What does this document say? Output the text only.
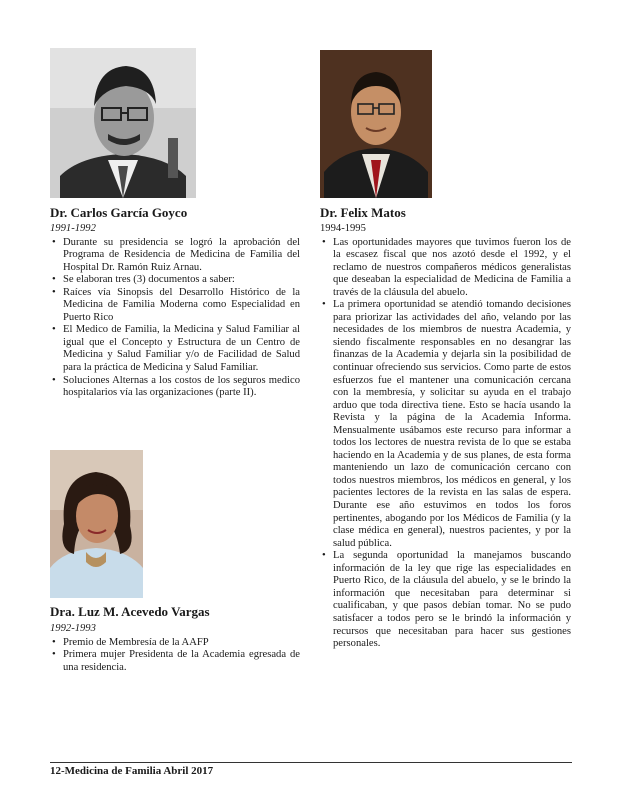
Dr. Carlos García Goyco

1991-1992

• Durante su presidencia se logró la aprobación del Programa de Residencia de Medicina de Familia del Hospital Dr. Ramón Ruiz Arnau.
• Se elaboran tres (3) documentos a saber:
• Raíces vía Sinopsis del Desarrollo Histórico de la Medicina de Familia Moderna como Especialidad en Puerto Rico
• El Medico de Familia, la Medicina y Salud Familiar al igual que el Concepto y Estructura de un Centro de Medicina y Salud Familiar y/o de Facilidad de Salud para la práctica de Medicina y Salud Familiar.
• Soluciones Alternas a los costos de los seguros medico hospitalarios vía las organizaciones (parte II).
Dra. Luz M. Acevedo Vargas

1992-1993

• Premio de Membresía de la AAFP
• Primera mujer Presidenta de la Academia egresada de una residencia.
Dr. Felix Matos

1994-1995

• Las oportunidades mayores que tuvimos fueron los de la escasez fiscal que nos azotó desde el 1992, y el reclamo de nuestros compañeros médicos generalistas que deseaban la especialidad de Medicina de Familia a través de la cláusula del abuelo.
• La primera oportunidad se atendió tomando decisiones para priorizar las actividades del año, velando por las necesidades de los miembros de nuestra Academia, y siendo fiscalmente responsables en no desangrar las finanzas de la Academia y dejarla sin la posibilidad de continuar ofreciendo sus servicios. Como parte de estos esfuerzos fue el mantener una comunicación cercana con la membresía, y solicitar su ayuda en el trabajo arduo que toda directiva tiene. Esto se hacía usando la Revista y la página de la Academia Informa. Mensualmente usábamos este recurso para informar a todos los lectores de nuestra revista de lo que se estaba haciendo en la Academia y de sus planes, de esta forma manteniendo un lazo de comunicación cercano con todos nuestros miembros, los médicos en general, y los pacientes lectores de la revista en las salas de espera. Durante ese año estuvimos en todos los foros pertinentes, abogando por los Médicos de Familia (y la clase médica en general), nuestros pacientes, y por la salud pública.
• La segunda oportunidad la manejamos buscando información de la ley que rige las especialidades en Puerto Rico, de la cláusula del abuelo, y se le brindo la información que necesitaban para determinar si cualificaban, y que pasos debían tomar. No se pudo satisfacer a todos pero se le brindó la información y recursos que necesitaban para hacer sus gestiones personales.

12-Medicina de Familia Abril 2017
